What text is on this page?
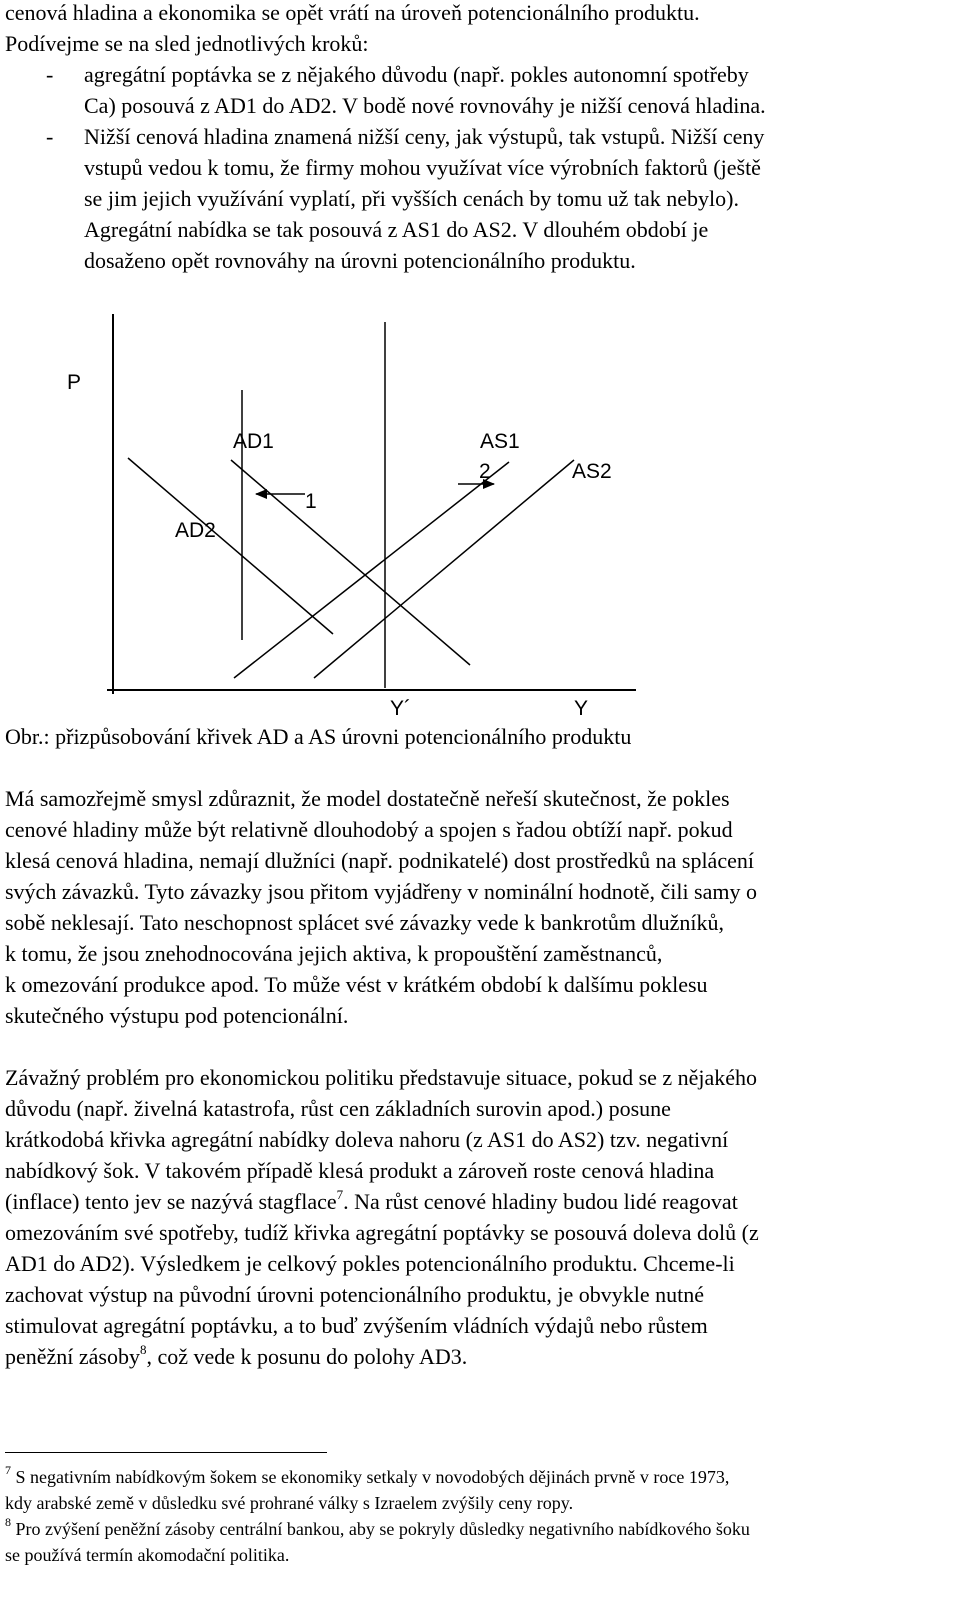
cenová hladina a ekonomika se opět vrátí na úroveň potencionálního produktu.
Podívejme se na sled jednotlivých kroků:
- agregátní poptávka se z nějakého důvodu (např. pokles autonomní spotřeby
Ca) posouvá z AD1 do AD2. V bodě nové rovnováhy je nižší cenová hladina.
- Nižší cenová hladina znamená nižší ceny, jak výstupů, tak vstupů. Nižší ceny
vstupů vedou k tomu, že firmy mohou využívat více výrobních faktorů (ještě
se jim jejich využívání vyplatí, při vyšších cenách by tomu už tak nebylo).
Agregátní nabídka se tak posouvá z AS1 do AS2. V dlouhém období je
dosaženo opět rovnováhy na úrovni potencionálního produktu.
P
AD1
AD2
AS1
AS2
1
2
Y´	Y
Obr.: přizpůsobování křivek AD a AS úrovni potencionálního produktu
Má samozřejmě smysl zdůraznit, že model dostatečně neřeší skutečnost, že pokles
cenové hladiny může být relativně dlouhodobý a spojen s řadou obtíží např. pokud
klesá cenová hladina, nemají dlužníci (např. podnikatelé) dost prostředků na splácení
svých závazků. Tyto závazky jsou přitom vyjádřeny v nominální hodnotě, čili samy o
sobě neklesají. Tato neschopnost splácet své závazky vede k bankrotům dlužníků,
k tomu, že jsou znehodnocována jejich aktiva, k propouštění zaměstnanců,
k omezování produkce apod. To může vést v krátkém období k dalšímu poklesu
skutečného výstupu pod potencionální.
Závažný problém pro ekonomickou politiku představuje situace, pokud se z nějakého
důvodu (např. živelná katastrofa, růst cen základních surovin apod.) posune
krátkodobá křivka agregátní nabídky doleva nahoru (z AS1 do AS2) tzv. negativní
nabídkový šok. V takovém případě klesá produkt a zároveň roste cenová hladina
(inflace) tento jev se nazývá stagflace$^7$. Na růst cenové hladiny budou lidé reagovat
omezováním své spotřeby, tudíž křivka agregátní poptávky se posouvá doleva dolů (z
AD1 do AD2). Výsledkem je celkový pokles potencionálního produktu. Chceme-li
zachovat výstup na původní úrovni potencionálního produktu, je obvykle nutné
stimulovat agregátní poptávku, a to buď zvýšením vládních výdajů nebo růstem
peněžní zásoby$^8$, což vede k posunu do polohy AD3.
$^7$ S negativním nabídkovým šokem se ekonomiky setkaly v novodobých dějinách prvně v roce 1973,
kdy arabské země v důsledku své prohrané války s Izraelem zvýšily ceny ropy.
$^8$ Pro zvýšení peněžní zásoby centrální bankou, aby se pokryly důsledky negativního nabídkového šoku
se používá termín akomodační politika.
